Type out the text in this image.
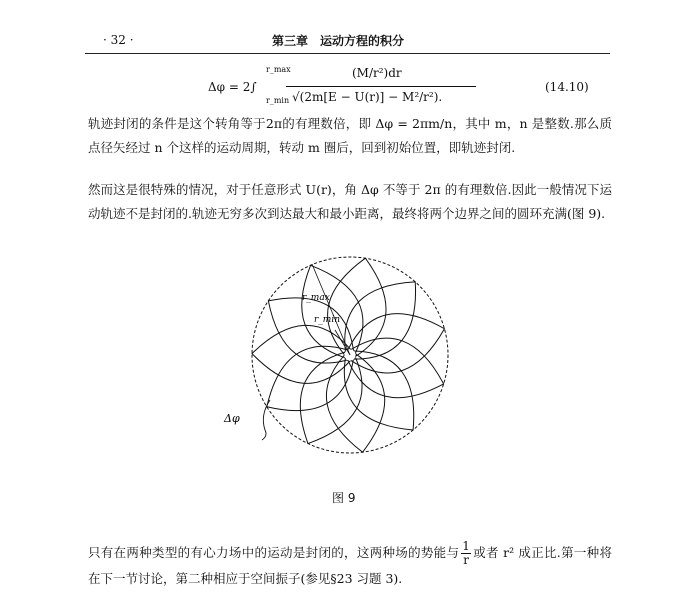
· 32 ·	第三章　运动方程的积分
Δφ = 2∫
r_max
r_min
(M/r²)dr
√(2m[E − U(r)] − M²/r²).
(14.10)
轨迹封闭的条件是这个转角等于2π的有理数倍，即 Δφ = 2πm/n，其中 m，n 是整数.那么质点径矢经过 n 个这样的运动周期，转动 m 圈后，回到初始位置，即轨迹封闭.
然而这是很特殊的情况，对于任意形式 U(r)，角 Δφ 不等于 2π 的有理数倍.因此一般情况下运动轨迹不是封闭的.轨迹无穷多次到达最大和最小距离，最终将两个边界之间的圆环充满(图 9).
r_max
r_min
Δφ
图 9
只有在两种类型的有心力场中的运动是封闭的，这两种场的势能与 $\frac{1}{r}$ 或者 r² 成正比.第一种将在下一节讨论，第二种相应于空间振子(参见§23 习题 3).
